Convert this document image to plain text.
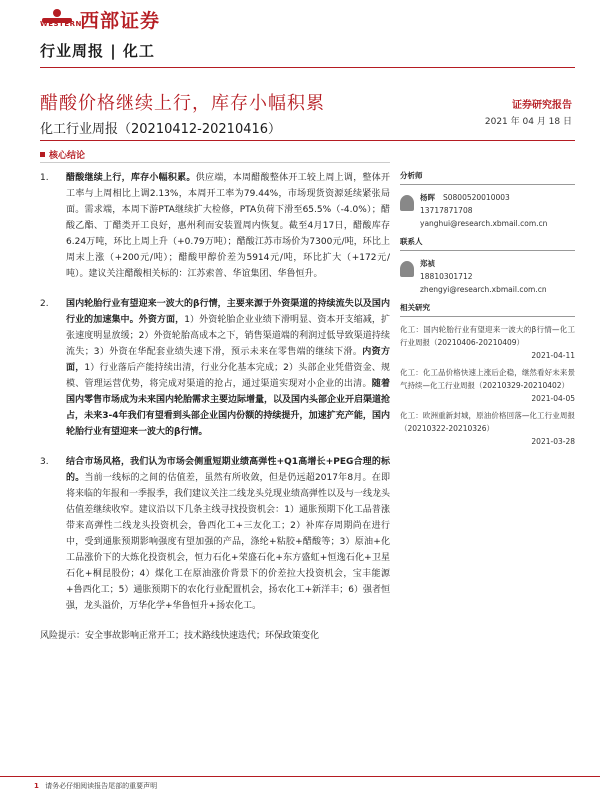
西部证券
WESTERN
行业周报 | 化工
醋酸价格继续上行，库存小幅积累	证券研究报告
2021 年 04 月 18 日
化工行业周报（20210412-20210416）
核心结论
1.	醋酸继续上行，库存小幅积累。供应端，本周醋酸整体开工较上周上调，整体开工率与上周相比上调2.13%，本周开工率为79.44%，市场现货资源延续紧张局面。需求端，本周下游PTA继续扩大检修，PTA负荷下滑至65.5%（-4.0%）；醋酸乙酯、丁醋类开工良好，惠州利而安装置周内恢复。截至4月17日，醋酸库存6.24万吨，环比上周上升（+0.79万吨）；醋酸江苏市场价为7300元/吨，环比上周末上涨（+200元/吨）；醋酸甲醇价差为5914元/吨，环比扩大（+172元/吨）。建议关注醋酸相关标的：江苏索普、华谊集团、华鲁恒升。
2.	国内轮胎行业有望迎来一波大的β行情，主要来源于外资渠道的持续流失以及国内行业的加速集中。外资方面，1）外资轮胎企业业绩下滑明显、资本开支缩减，扩张速度明显放缓；2）外资轮胎高成本之下，销售渠道端的利润过低导致渠道持续流失；3）外资在华配套业绩失速下滑，预示未来在零售端的继续下滑。内资方面，1）行业落后产能持续出清，行业分化基本完成；2）头部企业凭借资金、规模、管理运营优势，将完成对渠道的抢占，通过渠道实现对小企业的出清。随着国内零售市场成为未来国内轮胎需求主要边际增量，以及国内头部企业开启渠道抢占，未来3-4年我们有望看到头部企业国内份额的持续提升，加速扩充产能，国内轮胎行业有望迎来一波大的β行情。
3.	结合市场风格，我们认为市场会侧重短期业绩高弹性+Q1高增长+PEG合理的标的。当前一线标的之间的估值差，虽然有所收敛，但是仍远超2017年8月。在即将来临的年报和一季报季，我们建议关注二线龙头兑现业绩高弹性以及与一线龙头估值差继续收窄。建议沿以下几条主线寻找投资机会：1）通胀预期下化工品普涨带来高弹性二线龙头投资机会，鲁西化工+三友化工；2）补库存周期尚在进行中，受到通胀预期影响强度有望加强的产品，涤纶+粘胶+醋酸等；3）原油+化工品涨价下的大炼化投资机会，恒力石化+荣盛石化+东方盛虹+恒逸石化+卫星石化+桐昆股份；4）煤化工在原油涨价背景下的价差拉大投资机会，宝丰能源+鲁西化工；5）通胀预期下的农化行业配置机会，扬农化工+新洋丰；6）强者恒强，龙头溢价，万华化学+华鲁恒升+扬农化工。
风险提示：安全事故影响正常开工；技术路线快速迭代；环保政策变化
分析师
杨晖 S0800520010003
13717871708
yanghui@research.xbmail.com.cn
联系人
郑祯
18810301712
zhengyi@research.xbmail.com.cn
相关研究
化工：国内轮胎行业有望迎来一波大的β行情—化工行业周报（20210406-20210409）
2021-04-11
化工：化工品价格快速上涨后企稳，继然看好未来景气持续—化工行业周报（20210329-20210402）
2021-04-05
化工：欧洲重新封城，原油价格回落—化工行业周报（20210322-20210326）
2021-03-28
1 请务必仔细阅读报告尾部的重要声明
